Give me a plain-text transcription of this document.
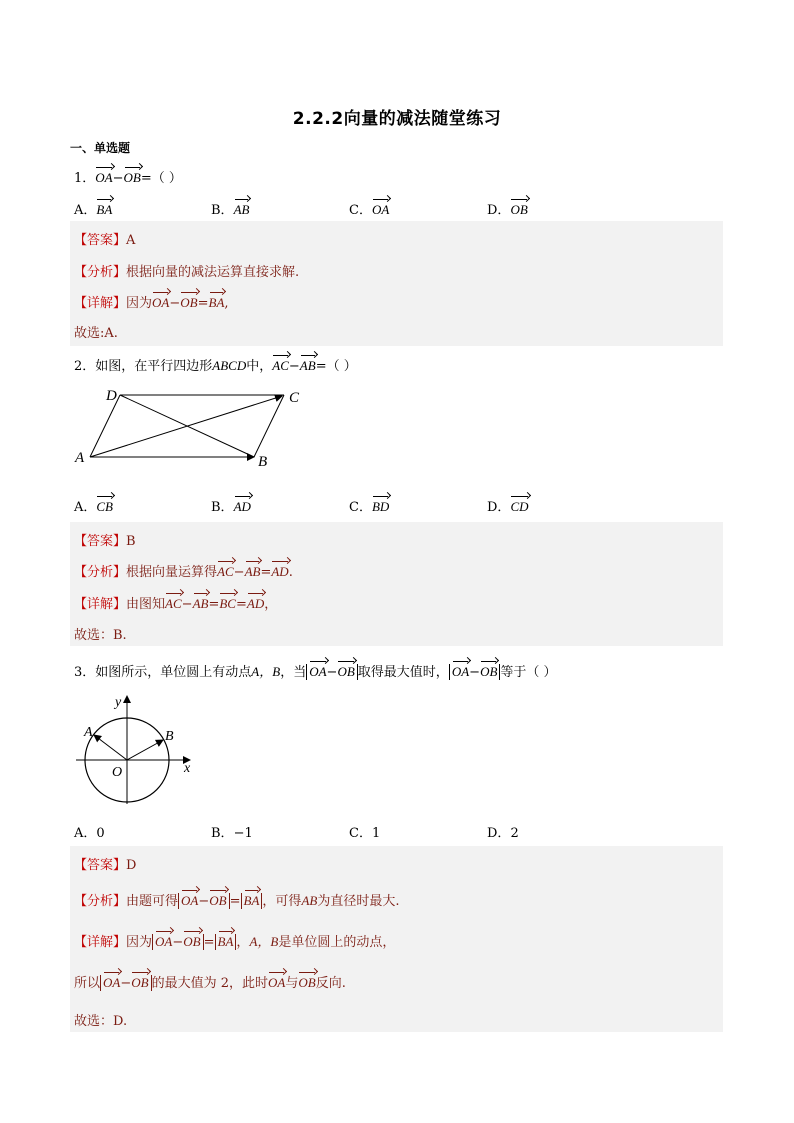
2.2.2向量的减法随堂练习
一、单选题
1．OA−OB=（ ）
A．BA	B．AB	C．OA	D．OB
【答案】A
【分析】根据向量的减法运算直接求解.
【详解】因为OA−OB=BA,
故选:A.
2．如图，在平行四边形ABCD中，AC−AB=（ ）
A	B
C
D
A．CB	B．AD	C．BD	D．CD
【答案】B
【分析】根据向量运算得AC−AB=AD.
【详解】由图知AC−AB=BC=AD，
故选：B.
3．如图所示，单位圆上有动点A，B，当 OA−OB 取得最大值时， OA−OB 等于（ ）
y
x
O
A	B
A．0	B．−1	C．1	D．2
【答案】D
【分析】由题可得 OA−OB = BA ，可得AB为直径时最大.
【详解】因为 OA−OB = BA ，A，B是单位圆上的动点，
所以 OA−OB 的最大值为 2，此时OA与OB反向.
故选：D.
